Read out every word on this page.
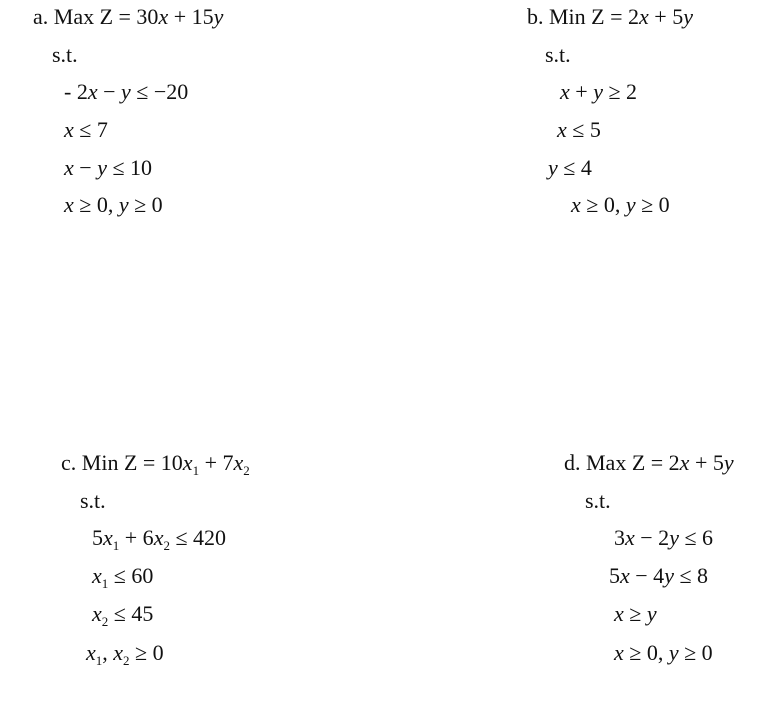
a. Max Z = 30x + 15y
s.t.
- 2x − y ≤ −20
x ≤ 7
x − y ≤ 10
x ≥ 0, y ≥ 0
b. Min Z = 2x + 5y
s.t.
x + y ≥ 2
x ≤ 5
y ≤ 4
x ≥ 0, y ≥ 0
c. Min $Z = 10x_1 + 7x_2$
s.t.
$5x_1 + 6x_2 \le 420$
$x_1 \le 60$
$x_2 \le 45$
$x_1$, $x_2 \ge 0$
d. Max Z = 2x + 5y
s.t.
3x − 2y ≤ 6
5x − 4y ≤ 8
x ≥ y
x ≥ 0, y ≥ 0
